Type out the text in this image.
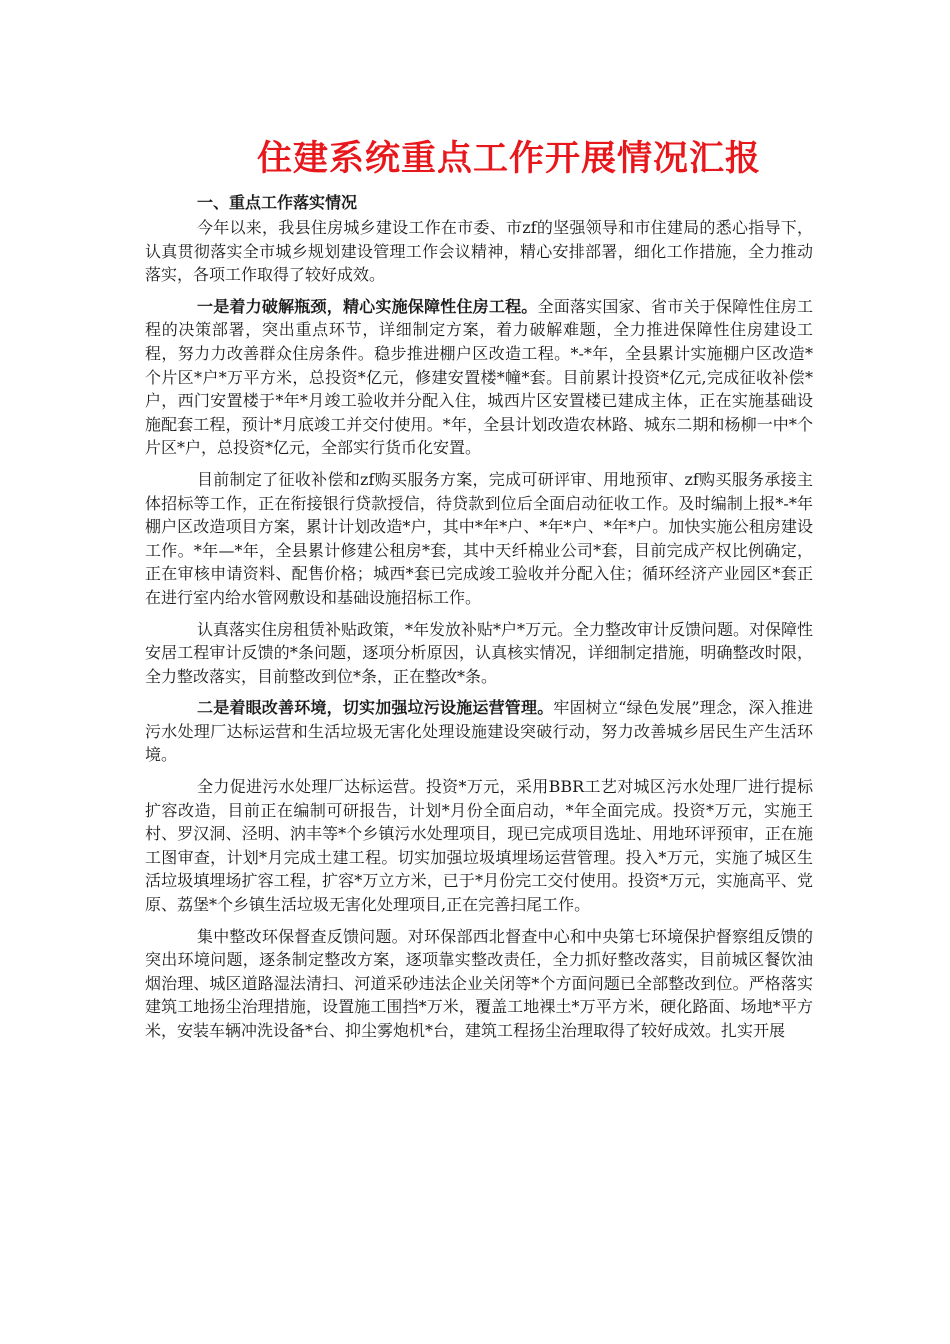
住建系统重点工作开展情况汇报
一、重点工作落实情况

今年以来，我县住房城乡建设工作在市委、市zf的坚强领导和市住建局的悉心指导下，认真贯彻落实全市城乡规划建设管理工作会议精神，精心安排部署，细化工作措施，全力推动落实，各项工作取得了较好成效。

一是着力破解瓶颈，精心实施保障性住房工程。全面落实国家、省市关于保障性住房工程的决策部署，突出重点环节，详细制定方案，着力破解难题，全力推进保障性住房建设工程，努力力改善群众住房条件。稳步推进棚户区改造工程。*-*年，全县累计实施棚户区改造*个片区*户*万平方米，总投资*亿元，修建安置楼*幢*套。目前累计投资*亿元,完成征收补偿*户，西门安置楼于*年*月竣工验收并分配入住，城西片区安置楼已建成主体，正在实施基础设施配套工程，预计*月底竣工并交付使用。*年，全县计划改造农林路、城东二期和杨柳一中*个片区*户，总投资*亿元，全部实行货币化安置。

目前制定了征收补偿和zf购买服务方案，完成可研评审、用地预审、zf购买服务承接主体招标等工作，正在衔接银行贷款授信，待贷款到位后全面启动征收工作。及时编制上报*-*年棚户区改造项目方案，累计计划改造*户，其中*年*户、*年*户、*年*户。加快实施公租房建设工作。*年—*年，全县累计修建公租房*套，其中天纤棉业公司*套，目前完成产权比例确定，正在审核申请资料、配售价格；城西*套已完成竣工验收并分配入住；循环经济产业园区*套正在进行室内给水管网敷设和基础设施招标工作。

认真落实住房租赁补贴政策，*年发放补贴*户*万元。全力整改审计反馈问题。对保障性安居工程审计反馈的*条问题，逐项分析原因，认真核实情况，详细制定措施，明确整改时限，全力整改落实，目前整改到位*条，正在整改*条。

二是着眼改善环境，切实加强垃污设施运营管理。牢固树立“绿色发展”理念，深入推进污水处理厂达标运营和生活垃圾无害化处理设施建设突破行动，努力改善城乡居民生产生活环境。

全力促进污水处理厂达标运营。投资*万元，采用BBR工艺对城区污水处理厂进行提标扩容改造，目前正在编制可研报告，计划*月份全面启动，*年全面完成。投资*万元，实施王村、罗汉洞、泾明、汭丰等*个乡镇污水处理项目，现已完成项目选址、用地环评预审，正在施工图审查，计划*月完成土建工程。切实加强垃圾填埋场运营管理。投入*万元，实施了城区生活垃圾填埋场扩容工程，扩容*万立方米，已于*月份完工交付使用。投资*万元，实施高平、党原、荔堡*个乡镇生活垃圾无害化处理项目,正在完善扫尾工作。

集中整改环保督查反馈问题。对环保部西北督查中心和中央第七环境保护督察组反馈的突出环境问题，逐条制定整改方案，逐项靠实整改责任，全力抓好整改落实，目前城区餐饮油烟治理、城区道路湿法清扫、河道采砂违法企业关闭等*个方面问题已全部整改到位。严格落实建筑工地扬尘治理措施，设置施工围挡*万米，覆盖工地裸土*万平方米，硬化路面、场地*平方米，安装车辆冲洗设备*台、抑尘雾炮机*台，建筑工程扬尘治理取得了较好成效。扎实开展
